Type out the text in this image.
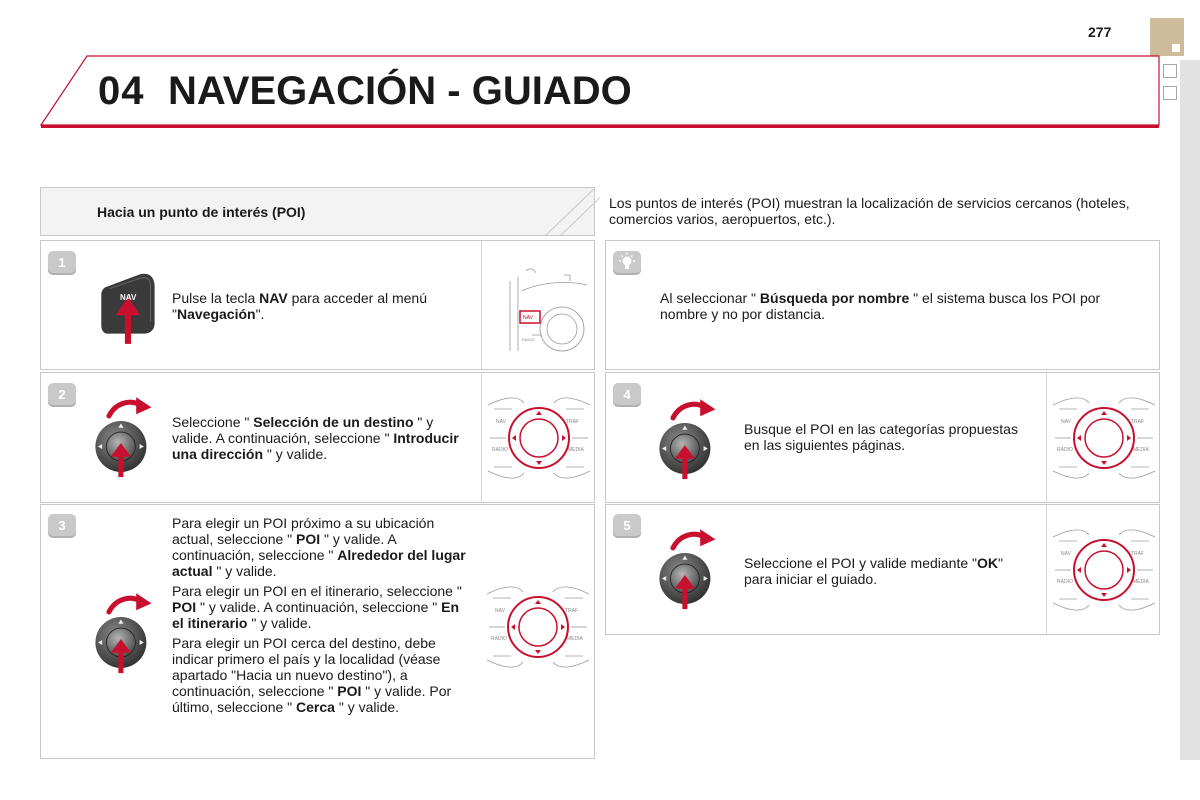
277
04 NAVEGACIÓN - GUIADO
Hacia un punto de interés (POI)
Los puntos de interés (POI) muestran la localización de servicios cercanos (hoteles, comercios varios, aeropuertos, etc.).
1
2
3
4
5
NAV	Pulse la tecla NAV para acceder al menú "Navegación".	NAV
RADIO
Seleccione " Selección de un destino " y valide. A continuación, seleccione " Introducir una dirección " y valide.
NAV	TRAF
RADIO	MEDIA

Para elegir un POI próximo a su ubicación actual, seleccione " POI " y valide. A continuación, seleccione " Alrededor del lugar actual " y valide.

Para elegir un POI en el itinerario, seleccione " POI " y valide. A continuación, seleccione " En el itinerario " y valide.

Para elegir un POI cerca del destino, debe indicar primero el país y la localidad (véase apartado "Hacia un nuevo destino"), a continuación, seleccione " POI " y valide. Por último, seleccione " Cerca " y valide.

NAV	TRAF
RADIO	MEDIA
Al seleccionar " Búsqueda por nombre " el sistema busca los POI por nombre y no por distancia.
Busque el POI en las categorías propuestas en las siguientes páginas.
NAV	TRAF
RADIO	MEDIA
Seleccione el POI y valide mediante "OK" para iniciar el guiado.
NAV	TRAF
RADIO	MEDIA
